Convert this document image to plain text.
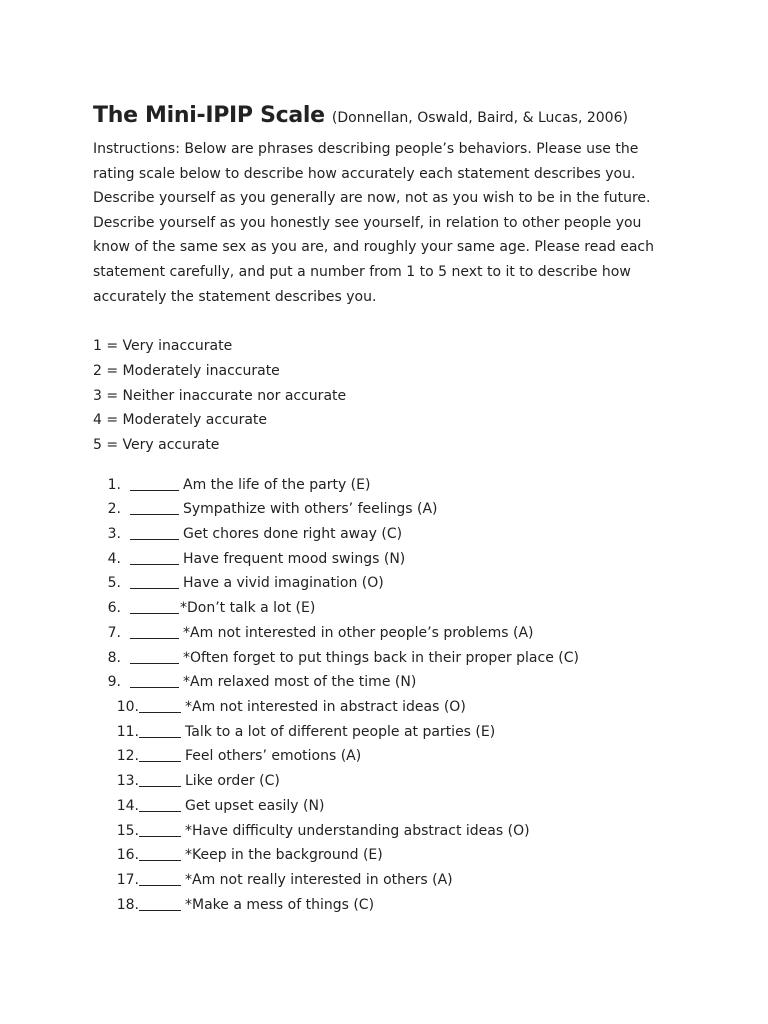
The Mini-IPIP Scale (Donnellan, Oswald, Baird, & Lucas, 2006)

Instructions: Below are phrases describing people’s behaviors. Please use the rating scale below to describe how accurately each statement describes you. Describe yourself as you generally are now, not as you wish to be in the future. Describe yourself as you honestly see yourself, in relation to other people you know of the same sex as you are, and roughly your same age. Please read each statement carefully, and put a number from 1 to 5 next to it to describe how accurately the statement describes you.

1 = Very inaccurate
2 = Moderately inaccurate
3 = Neither inaccurate nor accurate
4 = Moderately accurate
5 = Very accurate
1.	Am the life of the party (E)
2.	Sympathize with others’ feelings (A)
3.	Get chores done right away (C)
4.	Have frequent mood swings (N)
5.	Have a vivid imagination (O)
6.	*Don’t talk a lot (E)
7.	*Am not interested in other people’s problems (A)
8.	*Often forget to put things back in their proper place (C)
9.	*Am relaxed most of the time (N)
10.	*Am not interested in abstract ideas (O)
11.	Talk to a lot of different people at parties (E)
12.	Feel others’ emotions (A)
13.	Like order (C)
14.	Get upset easily (N)
15.	*Have difficulty understanding abstract ideas (O)
16.	*Keep in the background (E)
17.	*Am not really interested in others (A)
18.	*Make a mess of things (C)
